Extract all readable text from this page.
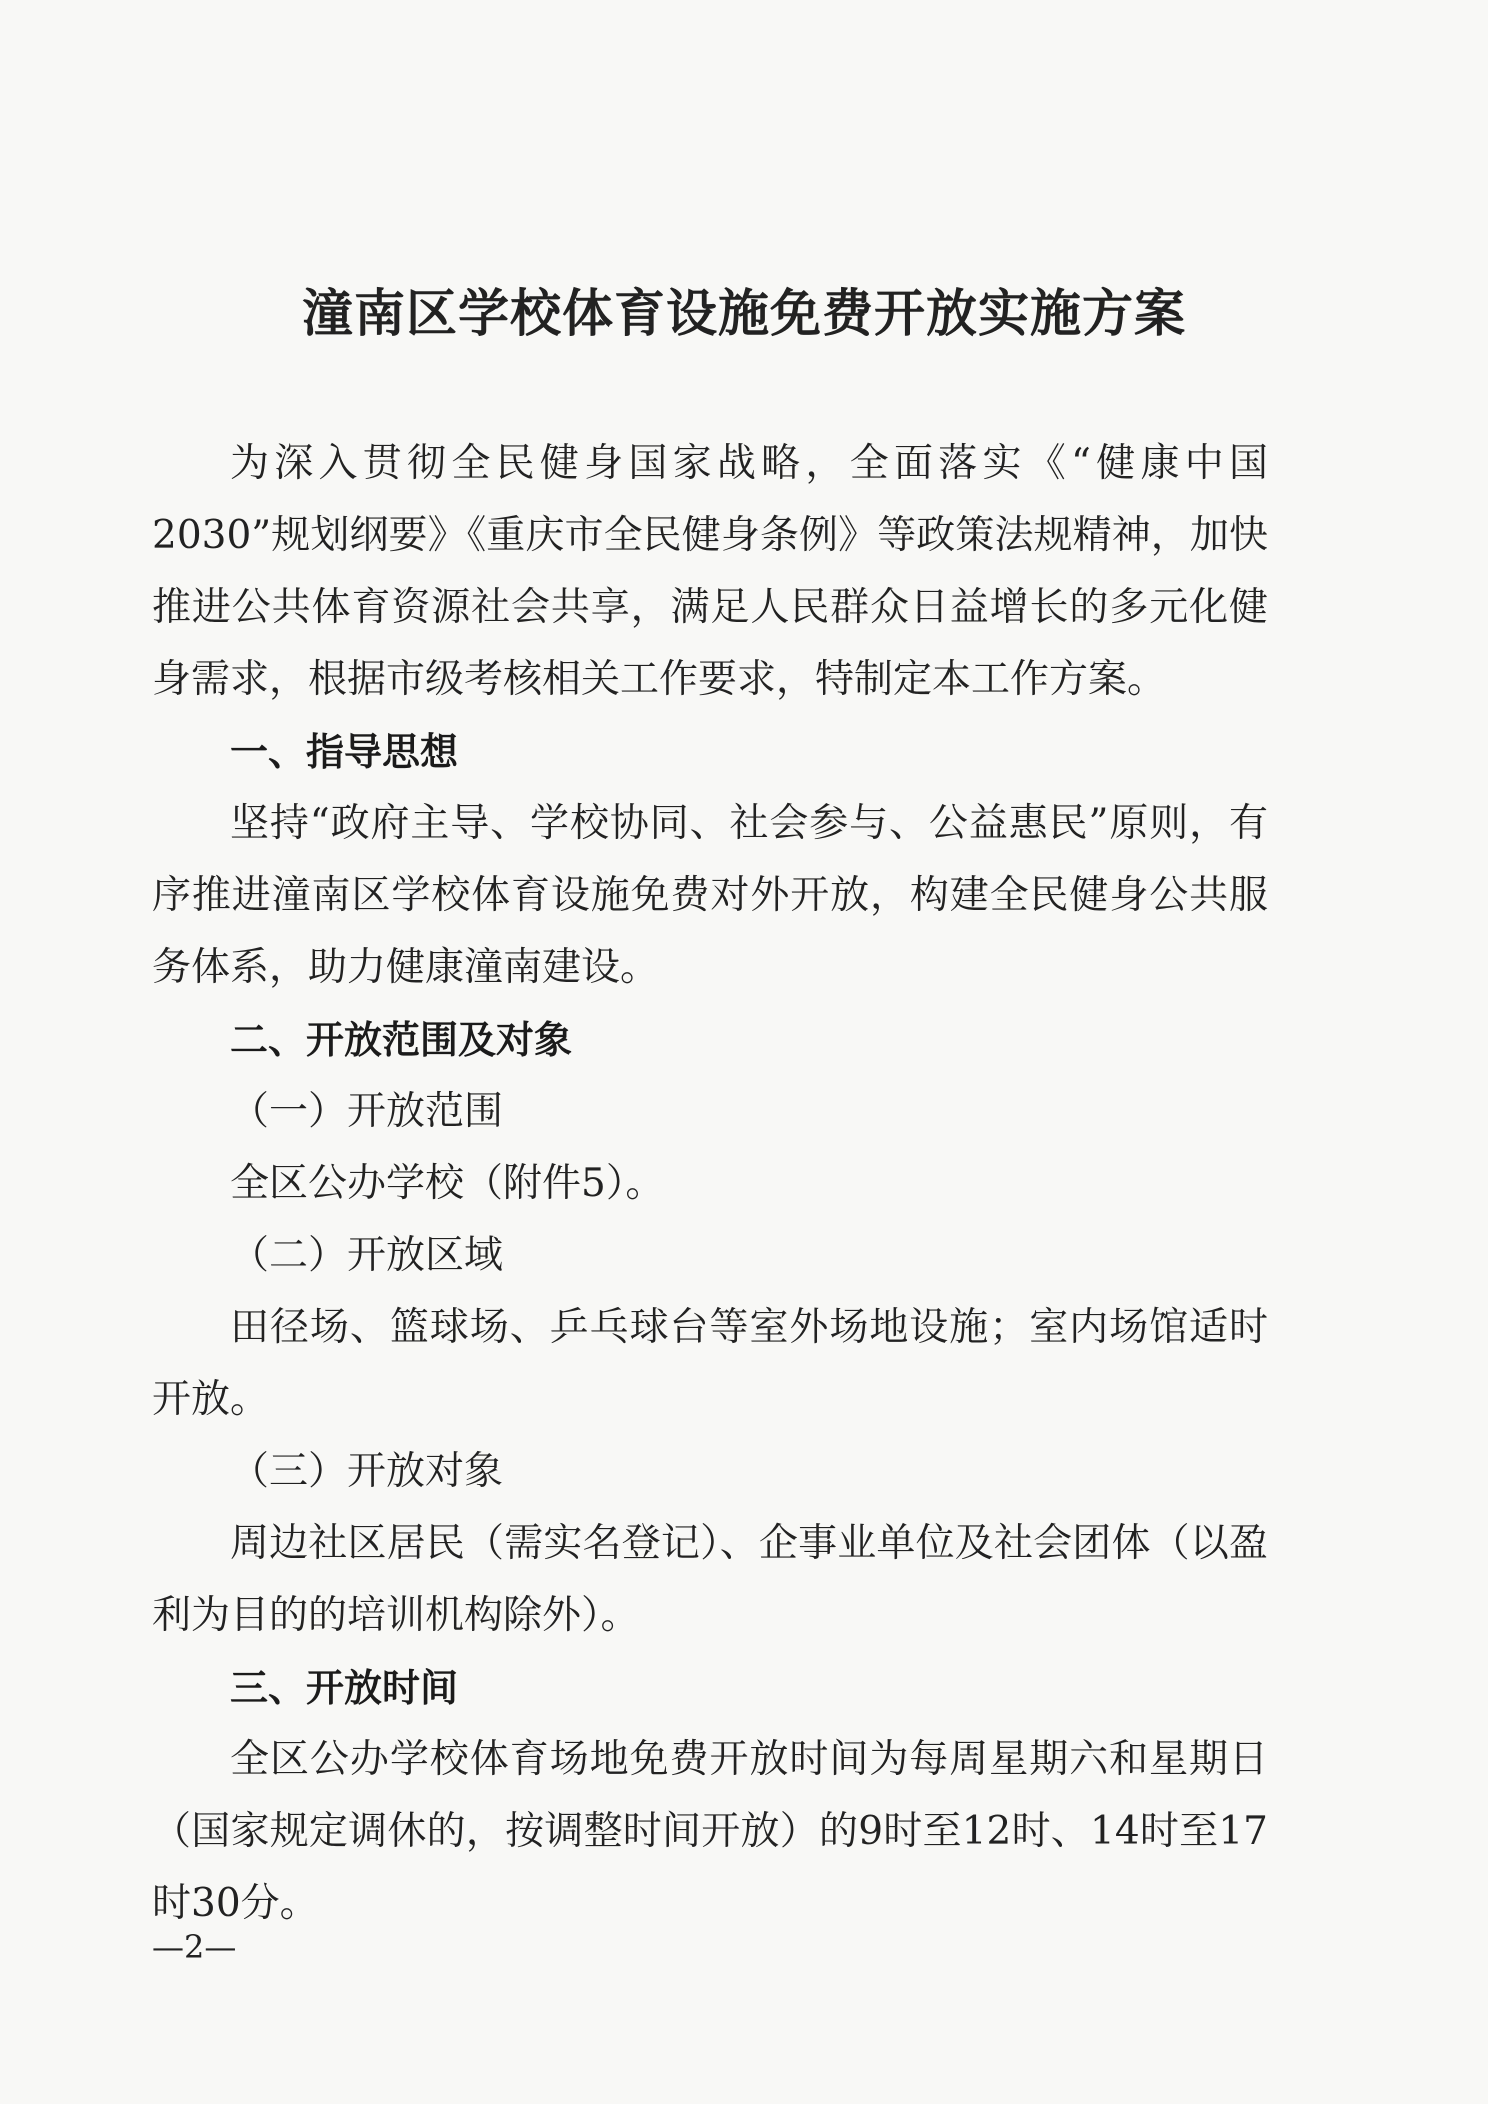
潼南区学校体育设施免费开放实施方案

为深入贯彻全民健身国家战略，全面落实《“健康中国2030”规划纲要》《重庆市全民健身条例》等政策法规精神，加快推进公共体育资源社会共享，满足人民群众日益增长的多元化健身需求，根据市级考核相关工作要求，特制定本工作方案。

一、指导思想

坚持“政府主导、学校协同、社会参与、公益惠民”原则，有序推进潼南区学校体育设施免费对外开放，构建全民健身公共服务体系，助力健康潼南建设。

二、开放范围及对象
（一）开放范围

全区公办学校（附件5）。

（二）开放区域

田径场、篮球场、乒乓球台等室外场地设施；室内场馆适时开放。

（三）开放对象

周边社区居民（需实名登记）、企事业单位及社会团体（以盈利为目的的培训机构除外）。

三、开放时间

全区公办学校体育场地免费开放时间为每周星期六和星期日（国家规定调休的，按调整时间开放）的9时至12时、14时至17时30分。

—2—
